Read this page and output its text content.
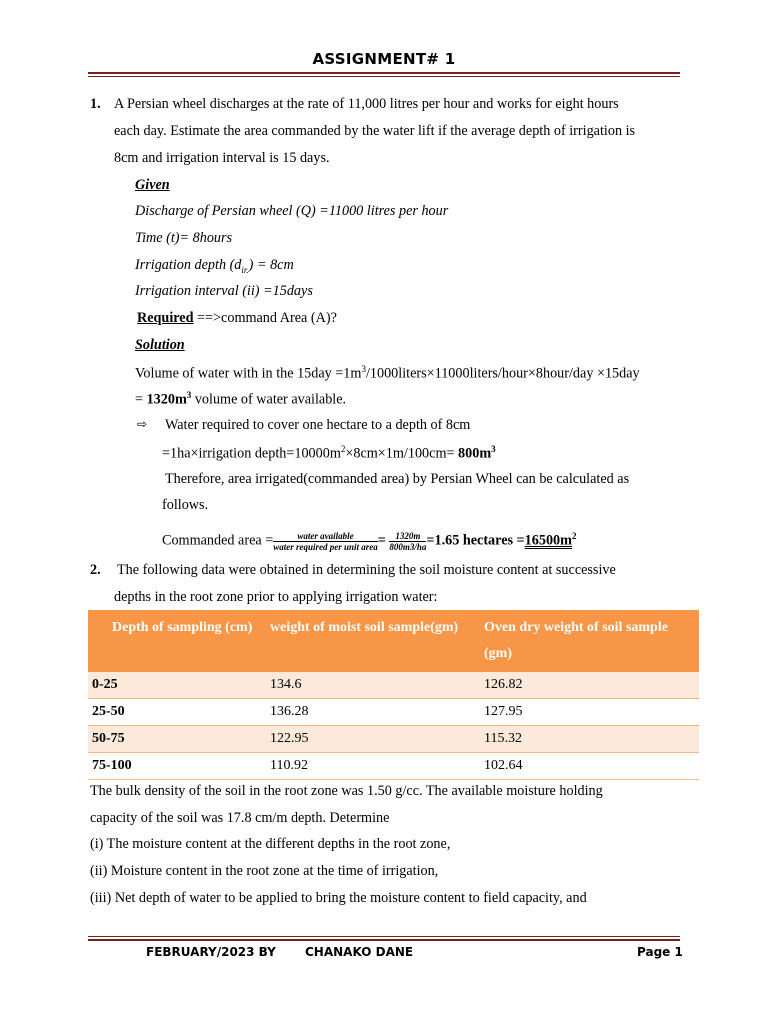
ASSIGNMENT# 1
1. A Persian wheel discharges at the rate of 11,000 litres per hour and works for eight hours
each day. Estimate the area commanded by the water lift if the average depth of irrigation is
8cm and irrigation interval is 15 days.
Given
Discharge of Persian wheel (Q) =11000 litres per hour
Time (t)= 8hours
Irrigation depth $(d_{ir.}) = 8cm$
Irrigation interval (ii) =15days
Required ==>command Area (A)?
Solution
Volume of water with in the $15day =1m^3/1000liters\times 11000liters/hour\times 8hour$/day ×15day
= $1320m^3$ volume of water available.
⇨ Water required to cover one hectare to a depth of 8cm
=1ha×irrigation $depth=10000m^2\times 8cm\times 1m/100cm= 800m^3$
Therefore, area irrigated(commanded area) by Persian Wheel can be calculated as
follows.
Commanded area = $\frac{\text{water available}}{\text{water required per unit area}} = \frac{1320m}{800m3/ha} =1.65$ hectares $=16500m^2$
2. The following data were obtained in determining the soil moisture content at successive
depths in the root zone prior to applying irrigation water:
Depth of sampling (cm)	weight of moist soil sample(gm)	Oven dry weight of soil sample (gm)
0-25	134.6	126.82
25-50	136.28	127.95
50-75	122.95	115.32
75-100	110.92	102.64
The bulk density of the soil in the root zone was 1.50 g/cc. The available moisture holding
capacity of the soil was 17.8 cm/m depth. Determine
(i) The moisture content at the different depths in the root zone,
(ii) Moisture content in the root zone at the time of irrigation,
(iii) Net depth of water to be applied to bring the moisture content to field capacity, and
FEBRUARY/2023 BY CHANAKO DANE	Page 1
